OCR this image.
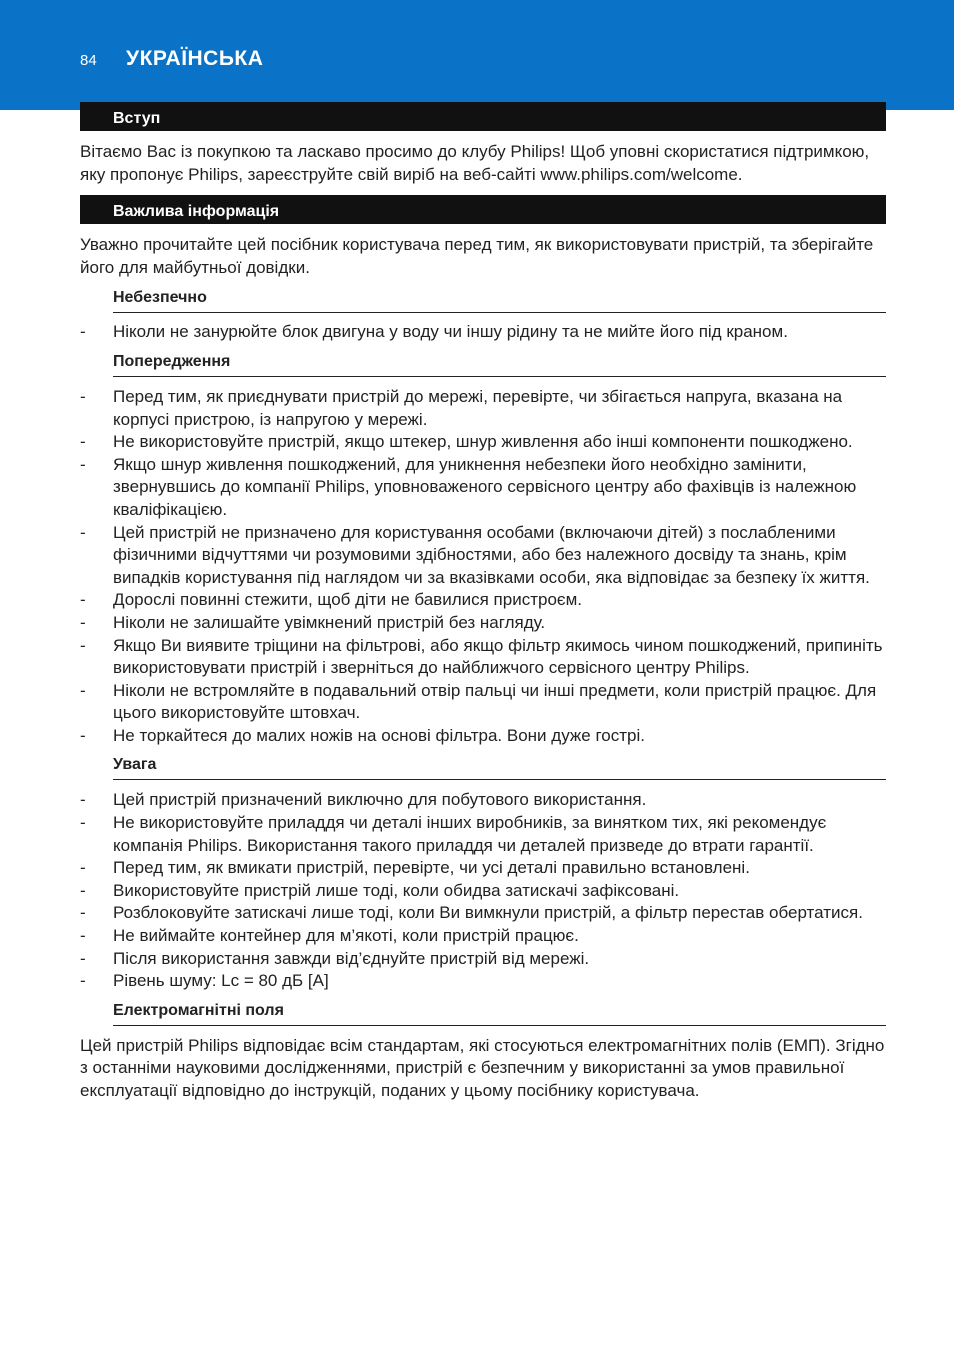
84 УКРАЇНСЬКА
Вступ

Вітаємо Вас із покупкою та ласкаво просимо до клубу Philips! Щоб уповні скористатися підтримкою, яку пропонує Philips, зареєструйте свій виріб на веб-сайті www.philips.com/welcome.

Важлива інформація

Уважно прочитайте цей посібник користувача перед тим, як використовувати пристрій, та зберігайте його для майбутньої довідки.

Небезпечно
- Ніколи не занурюйте блок двигуна у воду чи іншу рідину та не мийте його під краном.
Попередження
- Перед тим, як приєднувати пристрій до мережі, перевірте, чи збігається напруга, вказана на корпусі пристрою, із напругою у мережі.
- Не використовуйте пристрій, якщо штекер, шнур живлення або інші компоненти пошкоджено.
- Якщо шнур живлення пошкоджений, для уникнення небезпеки його необхідно замінити, звернувшись до компанії Philips, уповноваженого сервісного центру або фахівців із належною кваліфікацією.
- Цей пристрій не призначено для користування особами (включаючи дітей) з послабленими фізичними відчуттями чи розумовими здібностями, або без належного досвіду та знань, крім випадків користування під наглядом чи за вказівками особи, яка відповідає за безпеку їх життя.
- Дорослі повинні стежити, щоб діти не бавилися пристроєм.
- Ніколи не залишайте увімкнений пристрій без нагляду.
- Якщо Ви виявите тріщини на фільтрові, або якщо фільтр якимось чином пошкоджений, припиніть використовувати пристрій і зверніться до найближчого сервісного центру Philips.
- Ніколи не встромляйте в подавальний отвір пальці чи інші предмети, коли пристрій працює. Для цього використовуйте штовхач.
- Не торкайтеся до малих ножів на основі фільтра. Вони дуже гострі.
Увага
- Цей пристрій призначений виключно для побутового використання.
- Не використовуйте приладдя чи деталі інших виробників, за винятком тих, які рекомендує компанія Philips. Використання такого приладдя чи деталей призведе до втрати гарантії.
- Перед тим, як вмикати пристрій, перевірте, чи усі деталі правильно встановлені.
- Використовуйте пристрій лише тоді, коли обидва затискачі зафіксовані.
- Розблоковуйте затискачі лише тоді, коли Ви вимкнули пристрій, а фільтр перестав обертатися.
- Не виймайте контейнер для м’якоті, коли пристрій працює.
- Після використання завжди від’єднуйте пристрій від мережі.
- Рівень шуму: Lc = 80 дБ [A]
Електромагнітні поля

Цей пристрій Philips відповідає всім стандартам, які стосуються електромагнітних полів (ЕМП). Згідно з останніми науковими дослідженнями, пристрій є безпечним у використанні за умов правильної експлуатації відповідно до інструкцій, поданих у цьому посібнику користувача.
